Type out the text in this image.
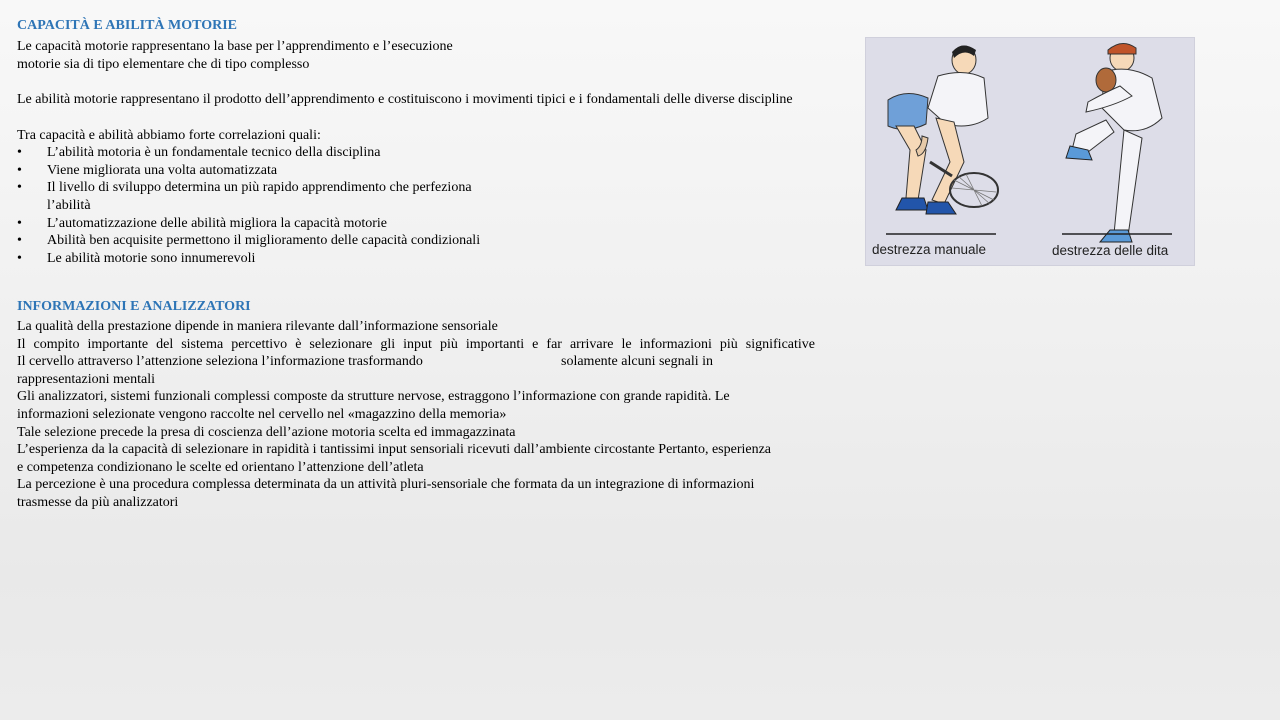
CAPACITÀ E ABILITÀ MOTORIE

Le capacità motorie rappresentano la base per l’apprendimento e l’esecuzione

motorie sia di tipo elementare che di tipo complesso

Le abilità motorie rappresentano il prodotto dell’apprendimento e costituiscono i movimenti tipici e i fondamentali delle diverse discipline

Tra capacità e abilità abbiamo forte correlazioni quali:

•	L’abilità motoria è un fondamentale tecnico della disciplina
•	Viene migliorata una volta automatizzata
•	Il livello di sviluppo determina un più rapido apprendimento che perfeziona
l’abilità
•	L’automatizzazione delle abilità migliora la capacità motorie
•	Abilità ben acquisite permettono il miglioramento delle capacità condizionali
•	Le abilità motorie sono innumerevoli
destrezza manuale	destrezza delle dita
INFORMAZIONI E ANALIZZATORI

La qualità della prestazione dipende in maniera rilevante dall’informazione sensoriale

Il compito importante del sistema percettivo è selezionare gli input più importanti e far arrivare le informazioni più significative

Il cervello attraverso l’attenzione seleziona l’informazione trasformando	solamente alcuni segnali in

rappresentazioni mentali

Gli analizzatori, sistemi funzionali complessi composte da strutture nervose, estraggono l’informazione con grande rapidità. Le

informazioni selezionate vengono raccolte nel cervello nel «magazzino della memoria»

Tale selezione precede la presa di coscienza dell’azione motoria scelta ed immagazzinata

L’esperienza da la capacità di selezionare in rapidità i tantissimi input sensoriali ricevuti dall’ambiente circostante Pertanto, esperienza

e competenza condizionano le scelte ed orientano l’attenzione dell’atleta

La percezione è una procedura complessa determinata da un attività pluri-sensoriale che formata da un integrazione di informazioni

trasmesse da più analizzatori
